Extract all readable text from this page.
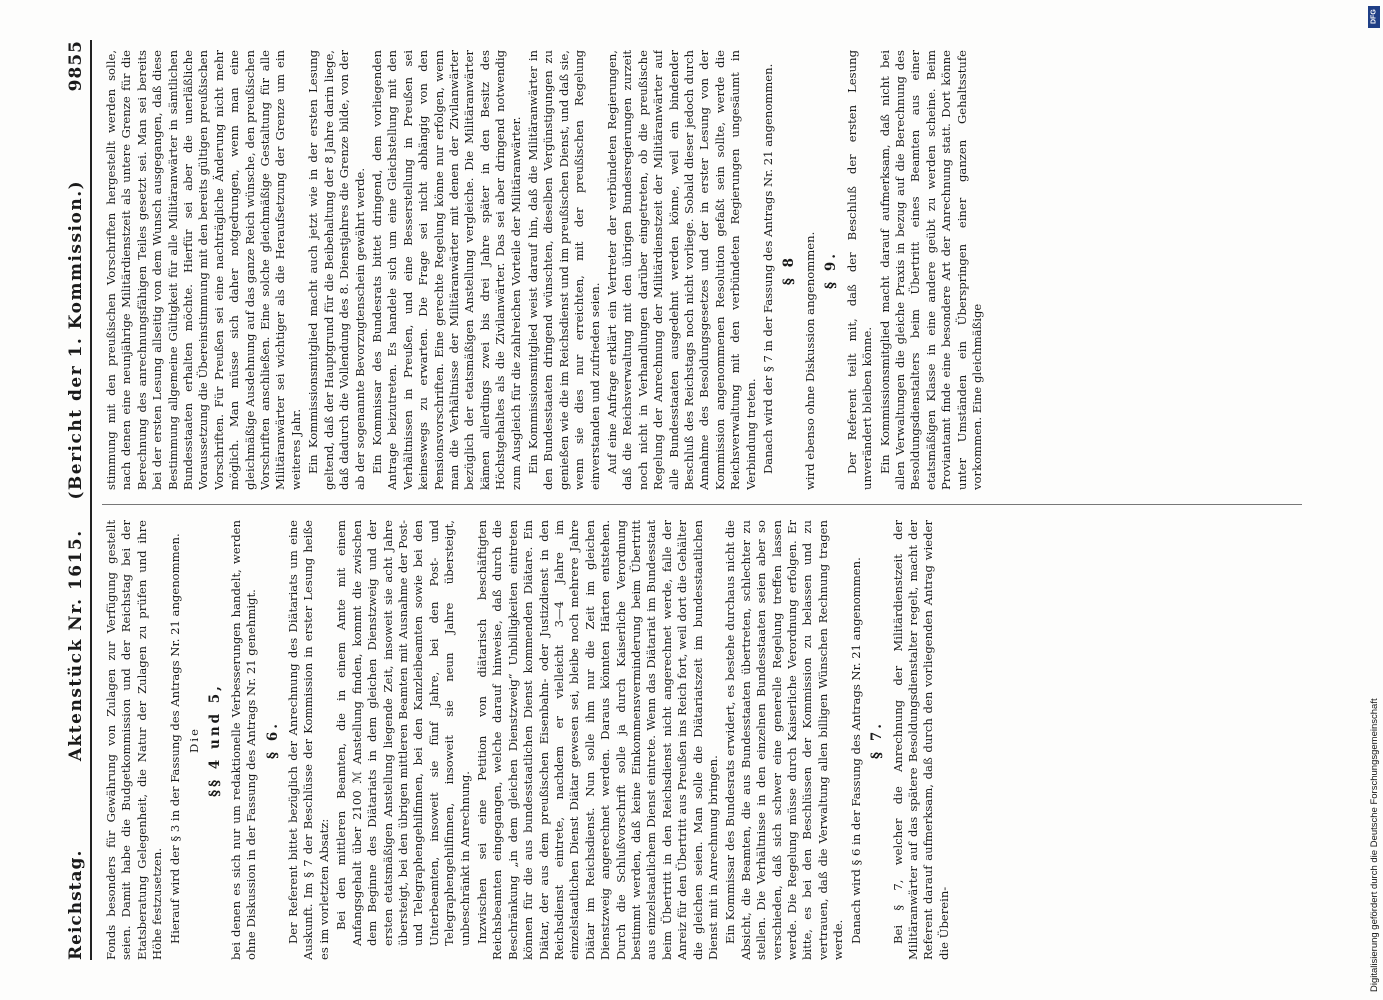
Reichstag.
Aktenstück Nr. 1615.    (Bericht der 1. Kommission.)
9855

Fonds besonders für Gewährung von Zulagen zur Verfügung gestellt seien. Damit habe die Budgetkommission und der Reichstag bei der Etatsberatung Gelegenheit, die Natur der Zulagen zu prüfen und ihre Höhe festzusetzen. Hierauf wird der § 3 in der Fassung des Antrags Nr. 21 angenommen. Die §§ 4 und 5, bei denen es sich nur um redaktionelle Verbesserungen handelt, werden ohne Diskussion in der Fassung des Antrags Nr. 21 genehmigt. § 6. Der Referent bittet bezüglich der Anrechnung des Diätariats um eine Auskunft. Im § 7 der Beschlüsse der Kommission in erster Lesung heiße es im vorletzten Absatz: Bei den mittleren Beamten, die in einem Amte mit einem Anfangsgehalt über 2100 ℳ Anstellung finden, kommt die zwischen dem Beginne des Diätariats in dem gleichen Dienstzweig und der ersten etatsmäßigen Anstellung liegende Zeit, insoweit sie acht Jahre übersteigt, bei den übrigen mittleren Beamten mit Ausnahme der Post- und Telegraphengehilfinnen, bei den Kanzleibeamten sowie bei den Unterbeamten, insoweit sie fünf Jahre, bei den Post- und Telegraphengehilfinnen, insoweit sie neun Jahre übersteigt, unbeschränkt in Anrechnung. Inzwischen sei eine Petition von diätarisch beschäftigten Reichsbeamten eingegangen, welche darauf hinweise, daß durch die Beschränkung „in dem gleichen Dienstzweig“ Unbilligkeiten eintreten können für die aus bundesstaatlichen Dienst kommenden Diätare. Ein Diätar, der aus dem preußischen Eisenbahn- oder Justizdienst in den Reichsdienst eintrete, nachdem er vielleicht 3—4 Jahre im einzelstaatlichen Dienst Diätar gewesen sei, bleibe noch mehrere Jahre Diätar im Reichsdienst. Nun solle ihm nur die Zeit im gleichen Dienstzweig angerechnet werden. Daraus könnten Härten entstehen. Durch die Schlußvorschrift solle ja durch Kaiserliche Verordnung bestimmt werden, daß keine Einkommensverminderung beim Übertritt aus einzelstaatlichem Dienst eintrete. Wenn das Diätariat im Bundesstaat beim Übertritt in den Reichsdienst nicht angerechnet werde, falle der Anreiz für den Übertritt aus Preußen ins Reich fort, weil dort die Gehälter die gleichen seien. Man solle die Diätariatszeit im bundesstaatlichen Dienst mit in Anrechnung bringen. Ein Kommissar des Bundesrats erwidert, es bestehe durchaus nicht die Absicht, die Beamten, die aus Bundesstaaten übertreten, schlechter zu stellen. Die Verhältnisse in den einzelnen Bundesstaaten seien aber so verschieden, daß sich schwer eine generelle Regelung treffen lassen werde. Die Regelung müsse durch Kaiserliche Verordnung erfolgen. Er bitte, es bei den Beschlüssen der Kommission zu belassen und zu vertrauen, daß die Verwaltung allen billigen Wünschen Rechnung tragen werde. Danach wird § 6 in der Fassung des Antrags Nr. 21 angenommen. § 7. Bei § 7, welcher die Anrechnung der Militärdienstzeit der Militäranwärter auf das spätere Besoldungsdienstalter regelt, macht der Referent darauf aufmerksam, daß durch den vorliegenden Antrag wieder die Überein-

stimmung mit den preußischen Vorschriften hergestellt werden solle, nach denen eine neunjährige Militärdienstzeit als untere Grenze für die Berechnung des anrechnungsfähigen Teiles gesetzt sei. Man sei bereits bei der ersten Lesung allseitig von dem Wunsch ausgegangen, daß diese Bestimmung allgemeine Gültigkeit für alle Militäranwärter in sämtlichen Bundesstaaten erhalten möchte. Hierfür sei aber die unerläßliche Voraussetzung die Übereinstimmung mit den bereits gültigen preußischen Vorschriften. Für Preußen sei eine nachträgliche Änderung nicht mehr möglich. Man müsse sich daher notgedrungen, wenn man eine gleichmäßige Ausdehnung auf das ganze Reich wünsche, den preußischen Vorschriften anschließen. Eine solche gleichmäßige Gestaltung für alle Militäranwärter sei wichtiger als die Heraufsetzung der Grenze um ein weiteres Jahr. Ein Kommissionsmitglied macht auch jetzt wie in der ersten Lesung geltend, daß der Hauptgrund für die Beibehaltung der 8 Jahre darin liege, daß dadurch die Vollendung des 8. Dienstjahres die Grenze bilde, von der ab der sogenannte Bevorzugtenschein gewährt werde. Ein Kommissar des Bundesrats bittet dringend, dem vorliegenden Antrage beizutreten. Es handele sich um eine Gleichstellung mit den Verhältnissen in Preußen, und eine Besserstellung in Preußen sei keineswegs zu erwarten. Die Frage sei nicht abhängig von den Pensionsvorschriften. Eine gerechte Regelung könne nur erfolgen, wenn man die Verhältnisse der Militäranwärter mit denen der Zivilanwärter bezüglich der etatsmäßigen Anstellung vergleiche. Die Militäranwärter kämen allerdings zwei bis drei Jahre später in den Besitz des Höchstgehaltes als die Zivilanwärter. Das sei aber dringend notwendig zum Ausgleich für die zahlreichen Vorteile der Militäranwärter. Ein Kommissionsmitglied weist darauf hin, daß die Militäranwärter in den Bundesstaaten dringend wünschten, dieselben Vergünstigungen zu genießen wie die im Reichsdienst und im preußischen Dienst, und daß sie, wenn sie dies nur erreichten, mit der preußischen Regelung einverstanden und zufrieden seien. Auf eine Anfrage erklärt ein Vertreter der verbündeten Regierungen, daß die Reichsverwaltung mit den übrigen Bundesregierungen zurzeit noch nicht in Verhandlungen darüber eingetreten, ob die preußische Regelung der Anrechnung der Militärdienstzeit der Militäranwärter auf alle Bundesstaaten ausgedehnt werden könne, weil ein bindender Beschluß des Reichstags noch nicht vorliege. Sobald dieser jedoch durch Annahme des Besoldungsgesetzes und der in erster Lesung von der Kommission angenommenen Resolution gefaßt sein sollte, werde die Reichsverwaltung mit den verbündeten Regierungen ungesäumt in Verbindung treten. Danach wird der § 7 in der Fassung des Antrags Nr. 21 angenommen. § 8 wird ebenso ohne Diskussion angenommen. § 9. Der Referent teilt mit, daß der Beschluß der ersten Lesung unverändert bleiben könne. Ein Kommissionsmitglied macht darauf aufmerksam, daß nicht bei allen Verwaltungen die gleiche Praxis in bezug auf die Berechnung des Besoldungsdienstalters beim Übertritt eines Beamten aus einer etatsmäßigen Klasse in eine andere geübt zu werden scheine. Beim Proviantamt finde eine besondere Art der Anrechnung statt. Dort könne unter Umständen ein Überspringen einer ganzen Gehaltsstufe vorkommen. Eine gleichmäßige

DFG
Digitalisierung gefördert durch die Deutsche Forschungsgemeinschaft
